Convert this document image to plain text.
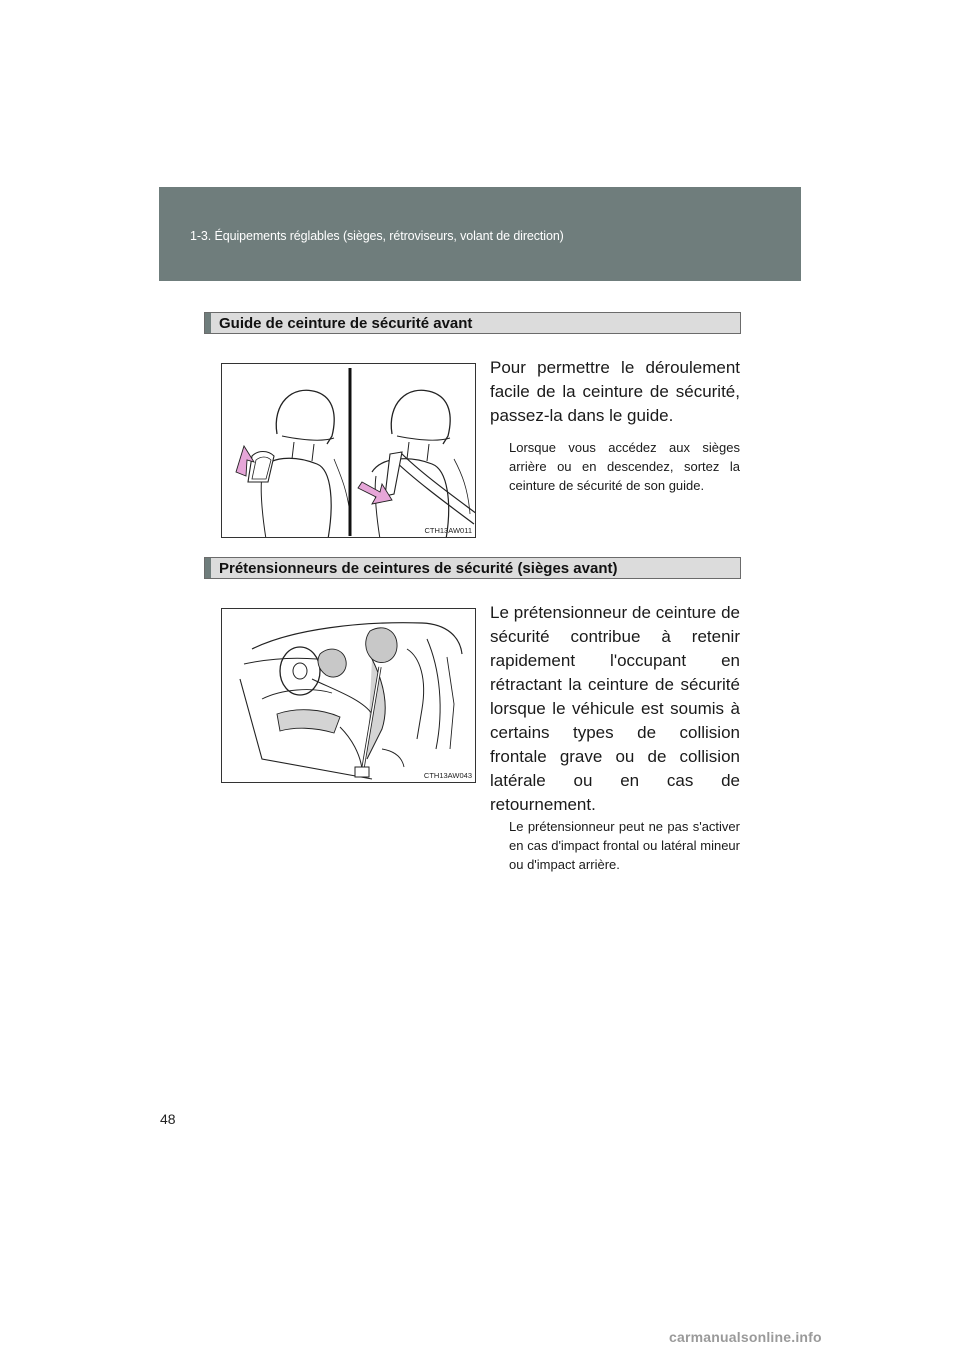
1-3. Équipements réglables (sièges, rétroviseurs, volant de direction)
Guide de ceinture de sécurité avant
CTH13AW011
Pour permettre le déroulement facile de la ceinture de sécurité, passez-la dans le guide.
Lorsque vous accédez aux sièges arrière ou en descendez, sortez la ceinture de sécurité de son guide.
Prétensionneurs de ceintures de sécurité (sièges avant)
CTH13AW043
Le prétensionneur de ceinture de sécurité contribue à retenir rapidement l'occupant en rétractant la ceinture de sécurité lorsque le véhicule est soumis à certains types de collision frontale grave ou de collision latérale ou en cas de retournement.
Le prétensionneur peut ne pas s'activer en cas d'impact frontal ou latéral mineur ou d'impact arrière.
48
carmanualsonline.info
